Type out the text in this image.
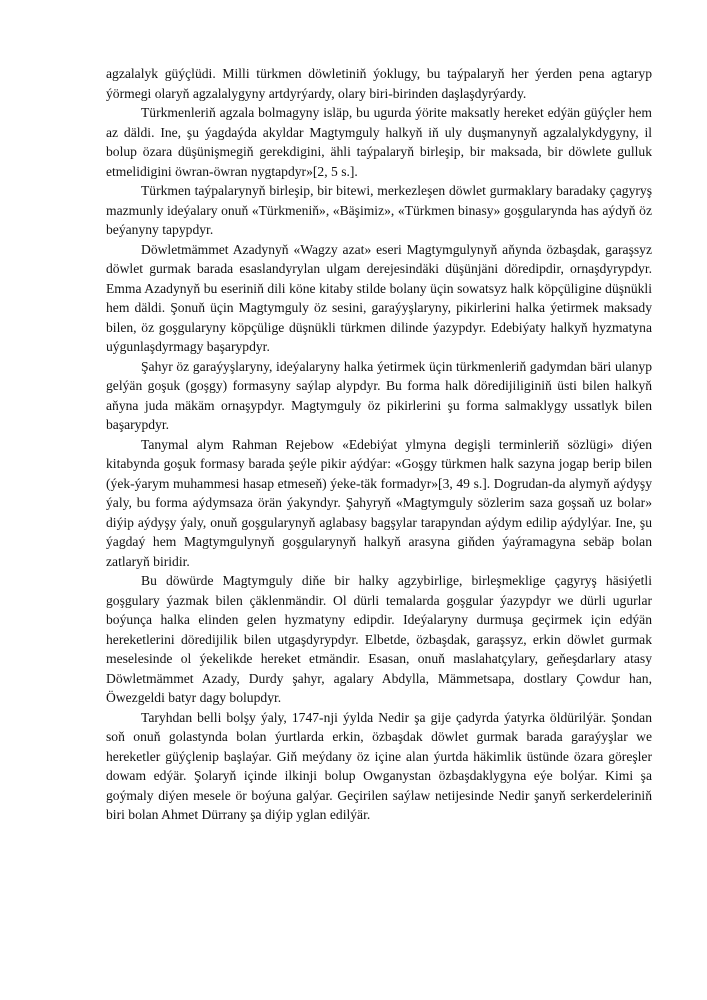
agzalalyk güýçlüdi. Milli türkmen döwletiniň ýoklugy, bu taýpalaryň her ýerden pena agtaryp ýörmegi olaryň agzalalygyny artdyrýardy, olary biri-birinden daşlaşdyrýardy.

Türkmenleriň agzala bolmagyny isläp, bu ugurda ýörite maksatly hereket edýän güýçler hem az däldi. Ine, şu ýagdaýda akyldar Magtymguly halkyň iň uly duşmanynyň agzalalykdygyny, il bolup özara düşünişmegiň gerekdigini, ähli taýpalaryň birleşip, bir maksada, bir döwlete gulluk etmelidigini öwran-öwran nygtapdyr»[2, 5 s.].

Türkmen taýpalarynyň birleşip, bir bitewi, merkezleşen döwlet gurmaklary baradaky çagyryş mazmunly ideýalary onuň «Türkmeniň», «Bäşimiz», «Türkmen binasy» goşgularynda has aýdyň öz beýanyny tapypdyr.

Döwletmämmet Azadynyň «Wagzy azat» eseri Magtymgulynyň aňynda özbaşdak, garaşsyz döwlet gurmak barada esaslandyrylan ulgam derejesindäki düşünjäni döredipdir, ornaşdyrypdyr. Emma Azadynyň bu eseriniň dili köne kitaby stilde bolany üçin sowatsyz halk köpçüligine düşnükli hem däldi. Şonuň üçin Magtymguly öz sesini, garaýyşlaryny, pikirlerini halka ýetirmek maksady bilen, öz goşgularyny köpçülige düşnükli türkmen dilinde ýazypdyr. Edebiýaty halkyň hyzmatyna uýgunlaşdyrmagy başarypdyr.

Şahyr öz garaýyşlaryny, ideýalaryny halka ýetirmek üçin türkmenleriň gadymdan bäri ulanyp gelýän goşuk (goşgy) formasyny saýlap alypdyr. Bu forma halk döredijiliginiň üsti bilen halkyň aňyna juda mäkäm ornaşypdyr. Magtymguly öz pikirlerini şu forma salmaklygy ussatlyk bilen başarypdyr.

Tanymal alym Rahman Rejebow «Edebiýat ylmyna degişli terminleriň sözlügi» diýen kitabynda goşuk formasy barada şeýle pikir aýdýar: «Goşgy türkmen halk sazyna jogap berip bilen (ýek-ýarym muhammesi hasap etmeseň) ýeke-täk formadyr»[3, 49 s.]. Dogrudan-da alymyň aýdyşy ýaly, bu forma aýdymsaza örän ýakyndyr. Şahyryň «Magtymguly sözlerim saza goşsaň uz bolar» diýip aýdyşy ýaly, onuň goşgularynyň aglabasy bagşylar tarapyndan aýdym edilip aýdylýar. Ine, şu ýagdaý hem Magtymgulynyň goşgularynyň halkyň arasyna giňden ýaýramagyna sebäp bolan zatlaryň biridir.

Bu döwürde Magtymguly diňe bir halky agzybirlige, birleşmeklige çagyryş häsiýetli goşgulary ýazmak bilen çäklenmändir. Ol dürli temalarda goşgular ýazypdyr we dürli ugurlar boýunça halka elinden gelen hyzmatyny edipdir. Ideýalaryny durmuşa geçirmek için edýän hereketlerini döredijilik bilen utgaşdyrypdyr. Elbetde, özbaşdak, garaşsyz, erkin döwlet gurmak meselesinde ol ýekelikde hereket etmändir. Esasan, onuň maslahatçylary, geňeşdarlary atasy Döwletmämmet Azady, Durdy şahyr, agalary Abdylla, Mämmetsapa, dostlary Çowdur han, Öwezgeldi batyr dagy bolupdyr.

Taryhdan belli bolşy ýaly, 1747-nji ýylda Nedir şa gije çadyrda ýatyrka öldürilýär. Şondan soň onuň golastynda bolan ýurtlarda erkin, özbaşdak döwlet gurmak barada garaýyşlar we hereketler güýçlenip başlaýar. Giň meýdany öz içine alan ýurtda häkimlik üstünde özara göreşler dowam edýär. Şolaryň içinde ilkinji bolup Owganystan özbaşdaklygyna eýe bolýar. Kimi şa goýmaly diýen mesele ör boýuna galýar. Geçirilen saýlaw netijesinde Nedir şanyň serkerdeleriniň biri bolan Ahmet Dürrany şa diýip yglan edilýär.
